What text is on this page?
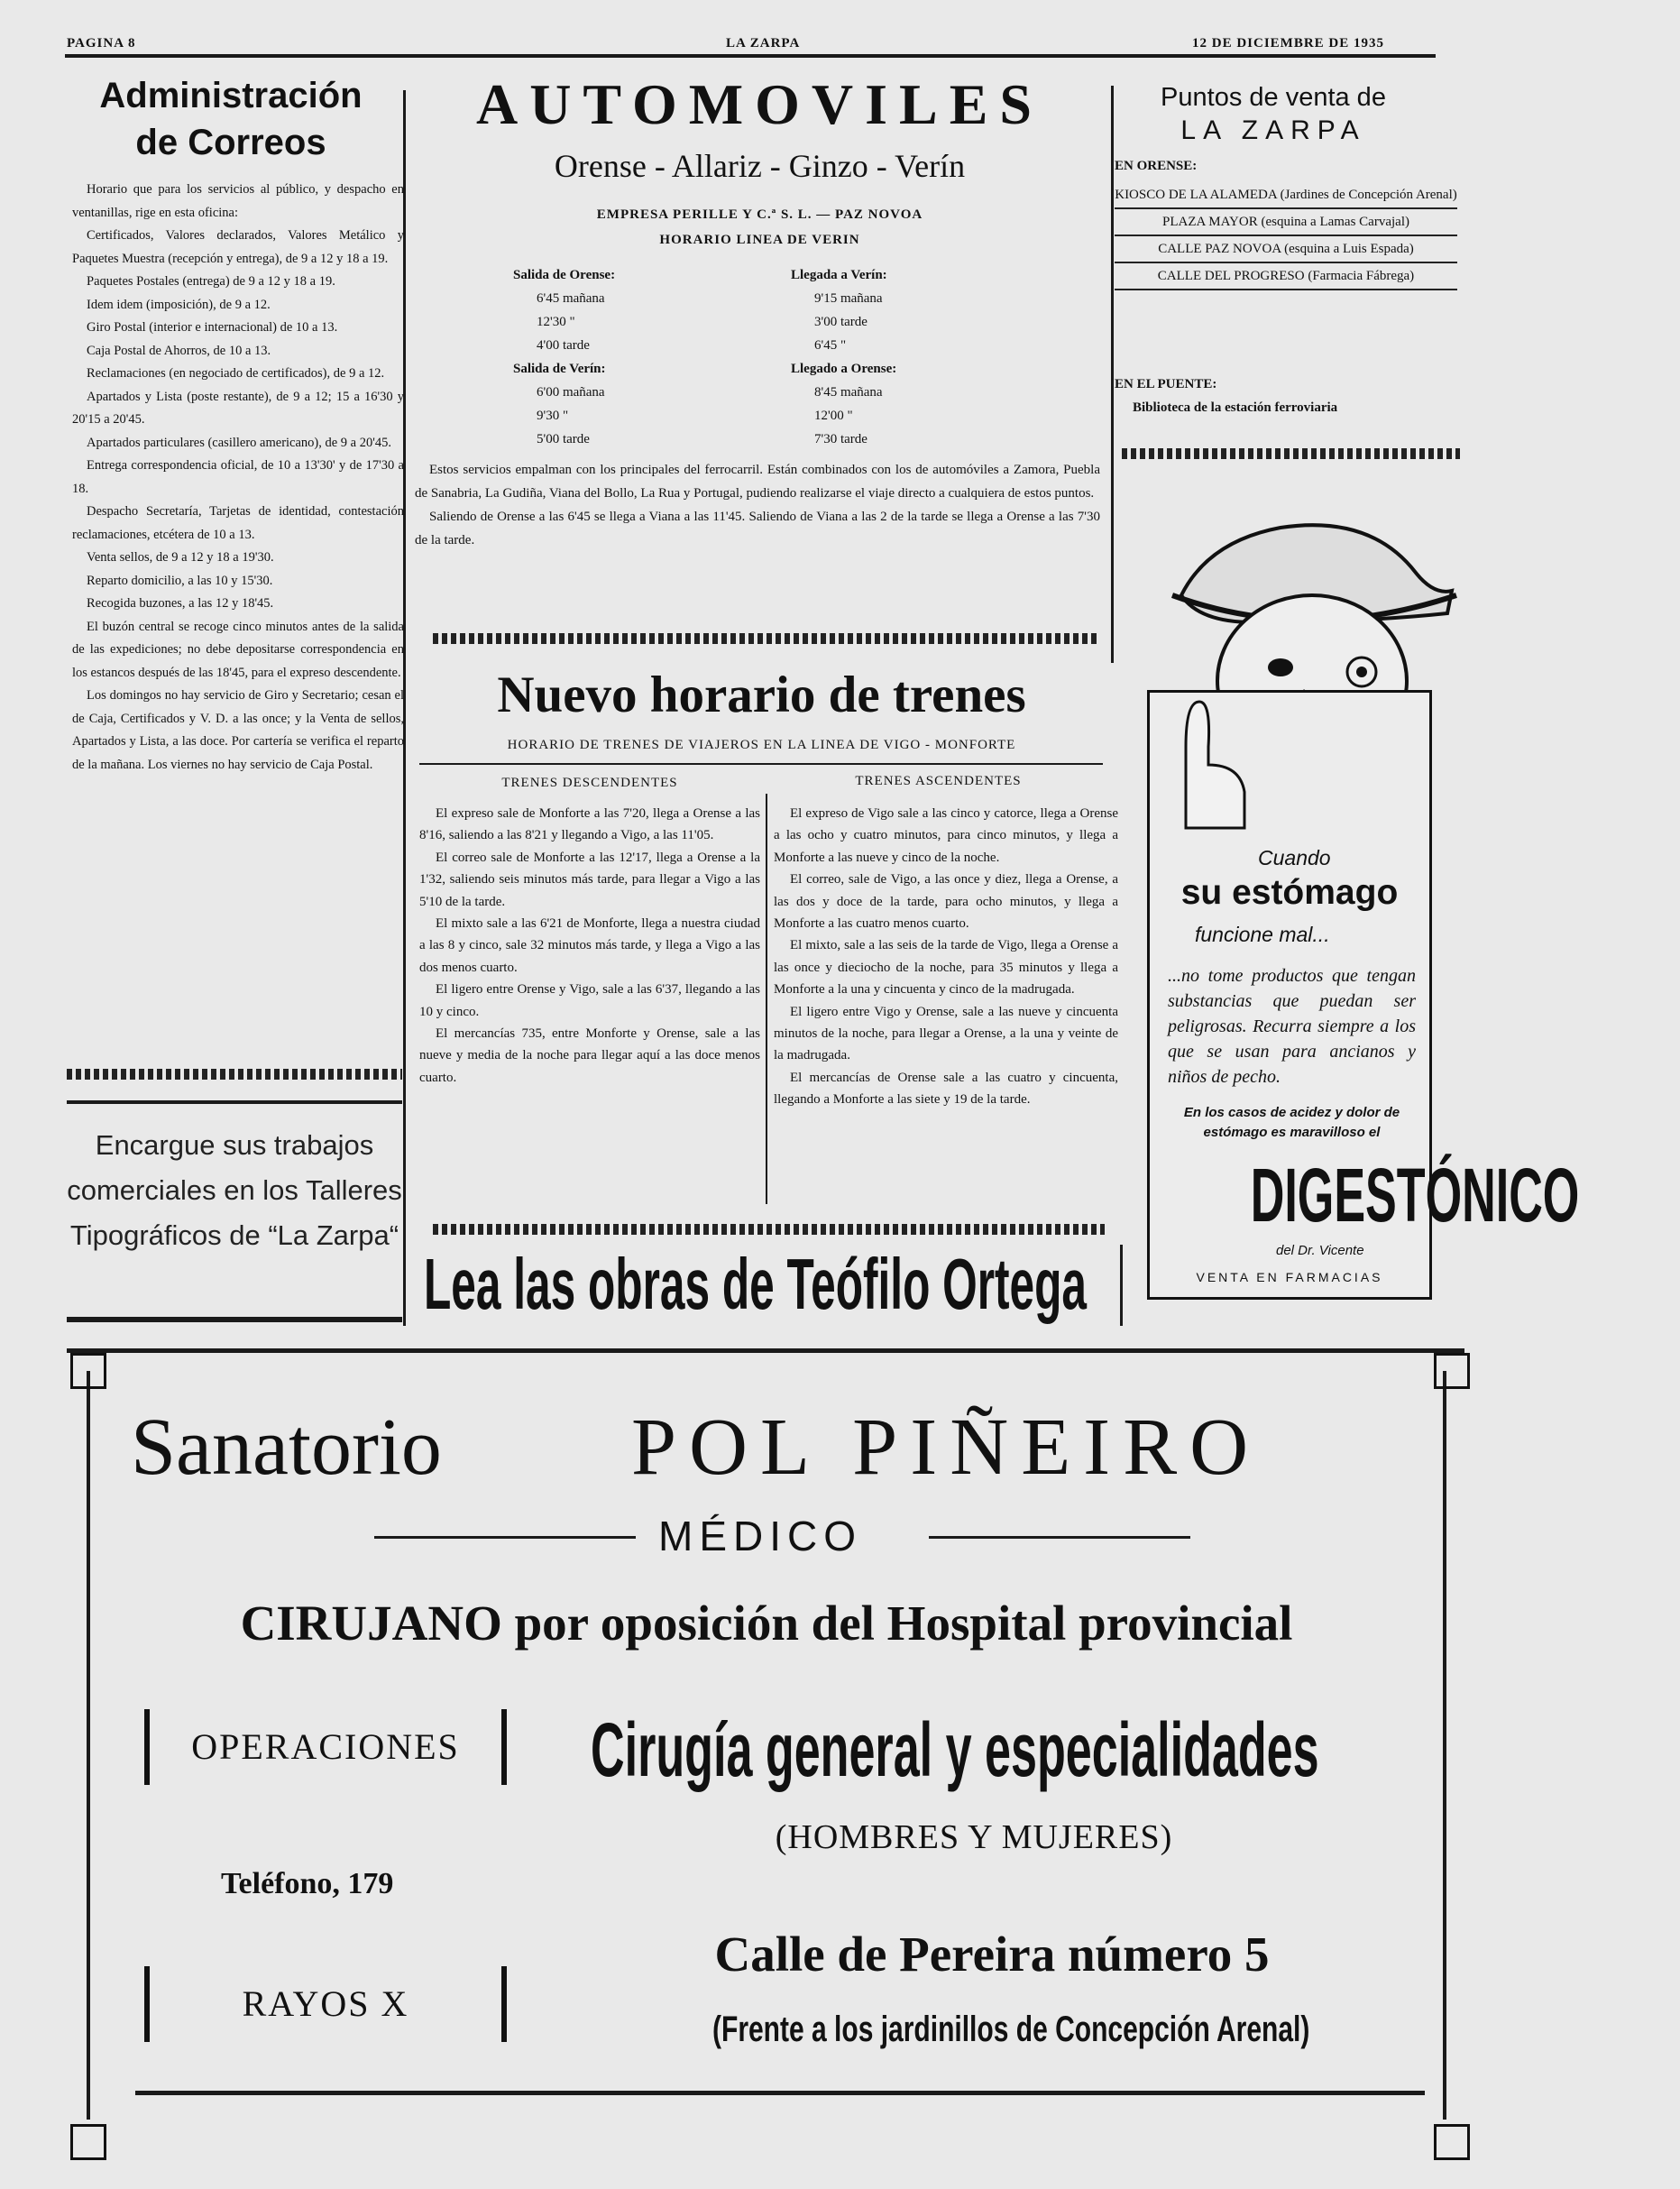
PAGINA 8	LA ZARPA	12 DE DICIEMBRE DE 1935
Administración
de Correos

Horario que para los servicios al público, y despacho en ventanillas, rige en esta oficina:

Certificados, Valores declarados, Valores Metálico y Paquetes Muestra (recepción y entrega), de 9 a 12 y 18 a 19.

Paquetes Postales (entrega) de 9 a 12 y 18 a 19.

Idem idem (imposición), de 9 a 12.

Giro Postal (interior e internacional) de 10 a 13.

Caja Postal de Ahorros, de 10 a 13.

Reclamaciones (en negociado de certificados), de 9 a 12.

Apartados y Lista (poste restante), de 9 a 12; 15 a 16'30 y 20'15 a 20'45.

Apartados particulares (casillero americano), de 9 a 20'45.

Entrega correspondencia oficial, de 10 a 13'30' y de 17'30 a 18.

Despacho Secretaría, Tarjetas de identidad, contestación reclamaciones, etcétera de 10 a 13.

Venta sellos, de 9 a 12 y 18 a 19'30.

Reparto domicilio, a las 10 y 15'30.

Recogida buzones, a las 12 y 18'45.

El buzón central se recoge cinco minutos antes de la salida de las expediciones; no debe depositarse correspondencia en los estancos después de las 18'45, para el expreso descendente.

Los domingos no hay servicio de Giro y Secretario; cesan el de Caja, Certificados y V. D. a las once; y la Venta de sellos, Apartados y Lista, a las doce. Por cartería se verifica el reparto de la mañana. Los viernes no hay servicio de Caja Postal.

Encargue sus trabajos comerciales en los Talleres Tipográficos de “La Zarpa“
AUTOMOVILES
Orense - Allariz - Ginzo - Verín
EMPRESA PERILLE Y C.ª S. L. — PAZ NOVOA
HORARIO LINEA DE VERIN
Salida de Orense:	Llegada a Verín:
6'45 mañana	9'15 mañana
12'30 "	3'00 tarde
4'00 tarde	6'45 "
Salida de Verín:	Llegado a Orense:
6'00 mañana	8'45 mañana
9'30 "	12'00 "
5'00 tarde	7'30 tarde

Estos servicios empalman con los principales del ferrocarril. Están combinados con los de automóviles a Zamora, Puebla de Sanabria, La Gudiña, Viana del Bollo, La Rua y Portugal, pudiendo realizarse el viaje directo a cualquiera de estos puntos.

Saliendo de Orense a las 6'45 se llega a Viana a las 11'45. Saliendo de Viana a las 2 de la tarde se llega a Orense a las 7'30 de la tarde.

Nuevo horario de trenes
HORARIO DE TRENES DE VIAJEROS EN LA LINEA DE VIGO - MONFORTE
TRENES DESCENDENTES	TRENES ASCENDENTES

El expreso sale de Monforte a las 7'20, llega a Orense a las 8'16, saliendo a las 8'21 y llegando a Vigo, a las 11'05.

El correo sale de Monforte a las 12'17, llega a Orense a la 1'32, saliendo seis minutos más tarde, para llegar a Vigo a las 5'10 de la tarde.

El mixto sale a las 6'21 de Monforte, llega a nuestra ciudad a las 8 y cinco, sale 32 minutos más tarde, y llega a Vigo a las dos menos cuarto.

El ligero entre Orense y Vigo, sale a las 6'37, llegando a las 10 y cinco.

El mercancías 735, entre Monforte y Orense, sale a las nueve y media de la noche para llegar aquí a las doce menos cuarto.

El expreso de Vigo sale a las cinco y catorce, llega a Orense a las ocho y cuatro minutos, para cinco minutos, y llega a Monforte a las nueve y cinco de la noche.

El correo, sale de Vigo, a las once y diez, llega a Orense, a las dos y doce de la tarde, para ocho minutos, y llega a Monforte a las cuatro menos cuarto.

El mixto, sale a las seis de la tarde de Vigo, llega a Orense a las once y dieciocho de la noche, para 35 minutos y llega a Monforte a la una y cincuenta y cinco de la madrugada.

El ligero entre Vigo y Orense, sale a las nueve y cincuenta minutos de la noche, para llegar a Orense, a la una y veinte de la madrugada.

El mercancías de Orense sale a las cuatro y cincuenta, llegando a Monforte a las siete y 19 de la tarde.

Lea las obras de Teófilo Ortega
Puntos de venta de
LA ZARPA
EN ORENSE:
KIOSCO DE LA ALAMEDA (Jardines de Concepción Arenal)
PLAZA MAYOR (esquina a Lamas Carvajal)
CALLE PAZ NOVOA (esquina a Luis Espada)
CALLE DEL PROGRESO (Farmacia Fábrega)
EN EL PUENTE:
Biblioteca de la estación ferroviaria
Cuando
su estómago
funcione mal...
...no tome productos que tengan substancias que puedan ser peligrosas. Recurra siempre a los que se usan para ancianos y niños de pecho.
En los casos de acidez y dolor de estómago es maravilloso el
DIGESTÓNICO
del Dr. Vicente
VENTA EN FARMACIAS
Sanatorio POL PIÑEIRO
MÉDICO
CIRUJANO por oposición del Hospital provincial
OPERACIONES	Cirugía general y especialidades
(HOMBRES Y MUJERES)
Teléfono, 179
RAYOS X
Calle de Pereira número 5
(Frente a los jardinillos de Concepción Arenal)
